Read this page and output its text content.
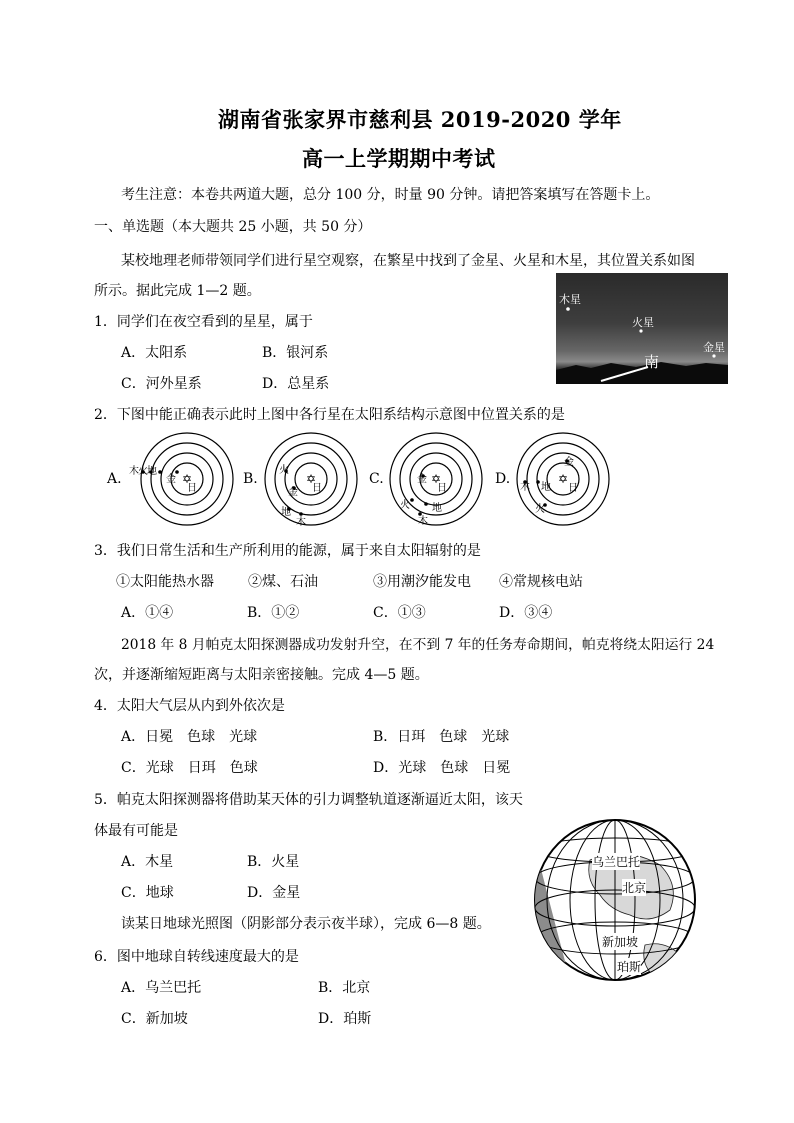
湖南省张家界市慈利县 2019-2020 学年
高一上学期期中考试
考生注意：本卷共两道大题，总分 100 分，时量 90 分钟。请把答案填写在答题卡上。
一、单选题（本大题共 25 小题，共 50 分）
某校地理老师带领同学们进行星空观察，在繁星中找到了金星、火星和木星，其位置关系如图
所示。据此完成 1—2 题。
木星
火星
金星
南
1．同学们在夜空看到的星星，属于
A．太阳系	B．银河系
C．河外星系	D．总星系
2．下图中能正确表示此时上图中各行星在太阳系结构示意图中位置关系的是
A.	B.	C.	D.
✡	✡	✡	✡
木 火 地
金
日
火
金 日
地
木
金
日
火 地
木
金
木 地
火
日
3．我们日常生活和生产所利用的能源，属于来自太阳辐射的是
①太阳能热水器 ②煤、石油	③用潮汐能发电 ④常规核电站
A．①④	B．①②	C．①③	D．③④
2018 年 8 月帕克太阳探测器成功发射升空，在不到 7 年的任务寿命期间，帕克将绕太阳运行 24
次，并逐渐缩短距离与太阳亲密接触。完成 4—5 题。
4．太阳大气层从内到外依次是
A．日冕　色球　光球	B．日珥　色球　光球
C．光球　日珥　色球	D．光球　色球　日冕
5．帕克太阳探测器将借助某天体的引力调整轨道逐渐逼近太阳，该天
体最有可能是
A．木星	B．火星
C．地球	D．金星
读某日地球光照图（阴影部分表示夜半球），完成 6—8 题。
乌兰巴托
北京
新加坡
珀斯
6．图中地球自转线速度最大的是
A．乌兰巴托	B．北京
C．新加坡	D．珀斯
